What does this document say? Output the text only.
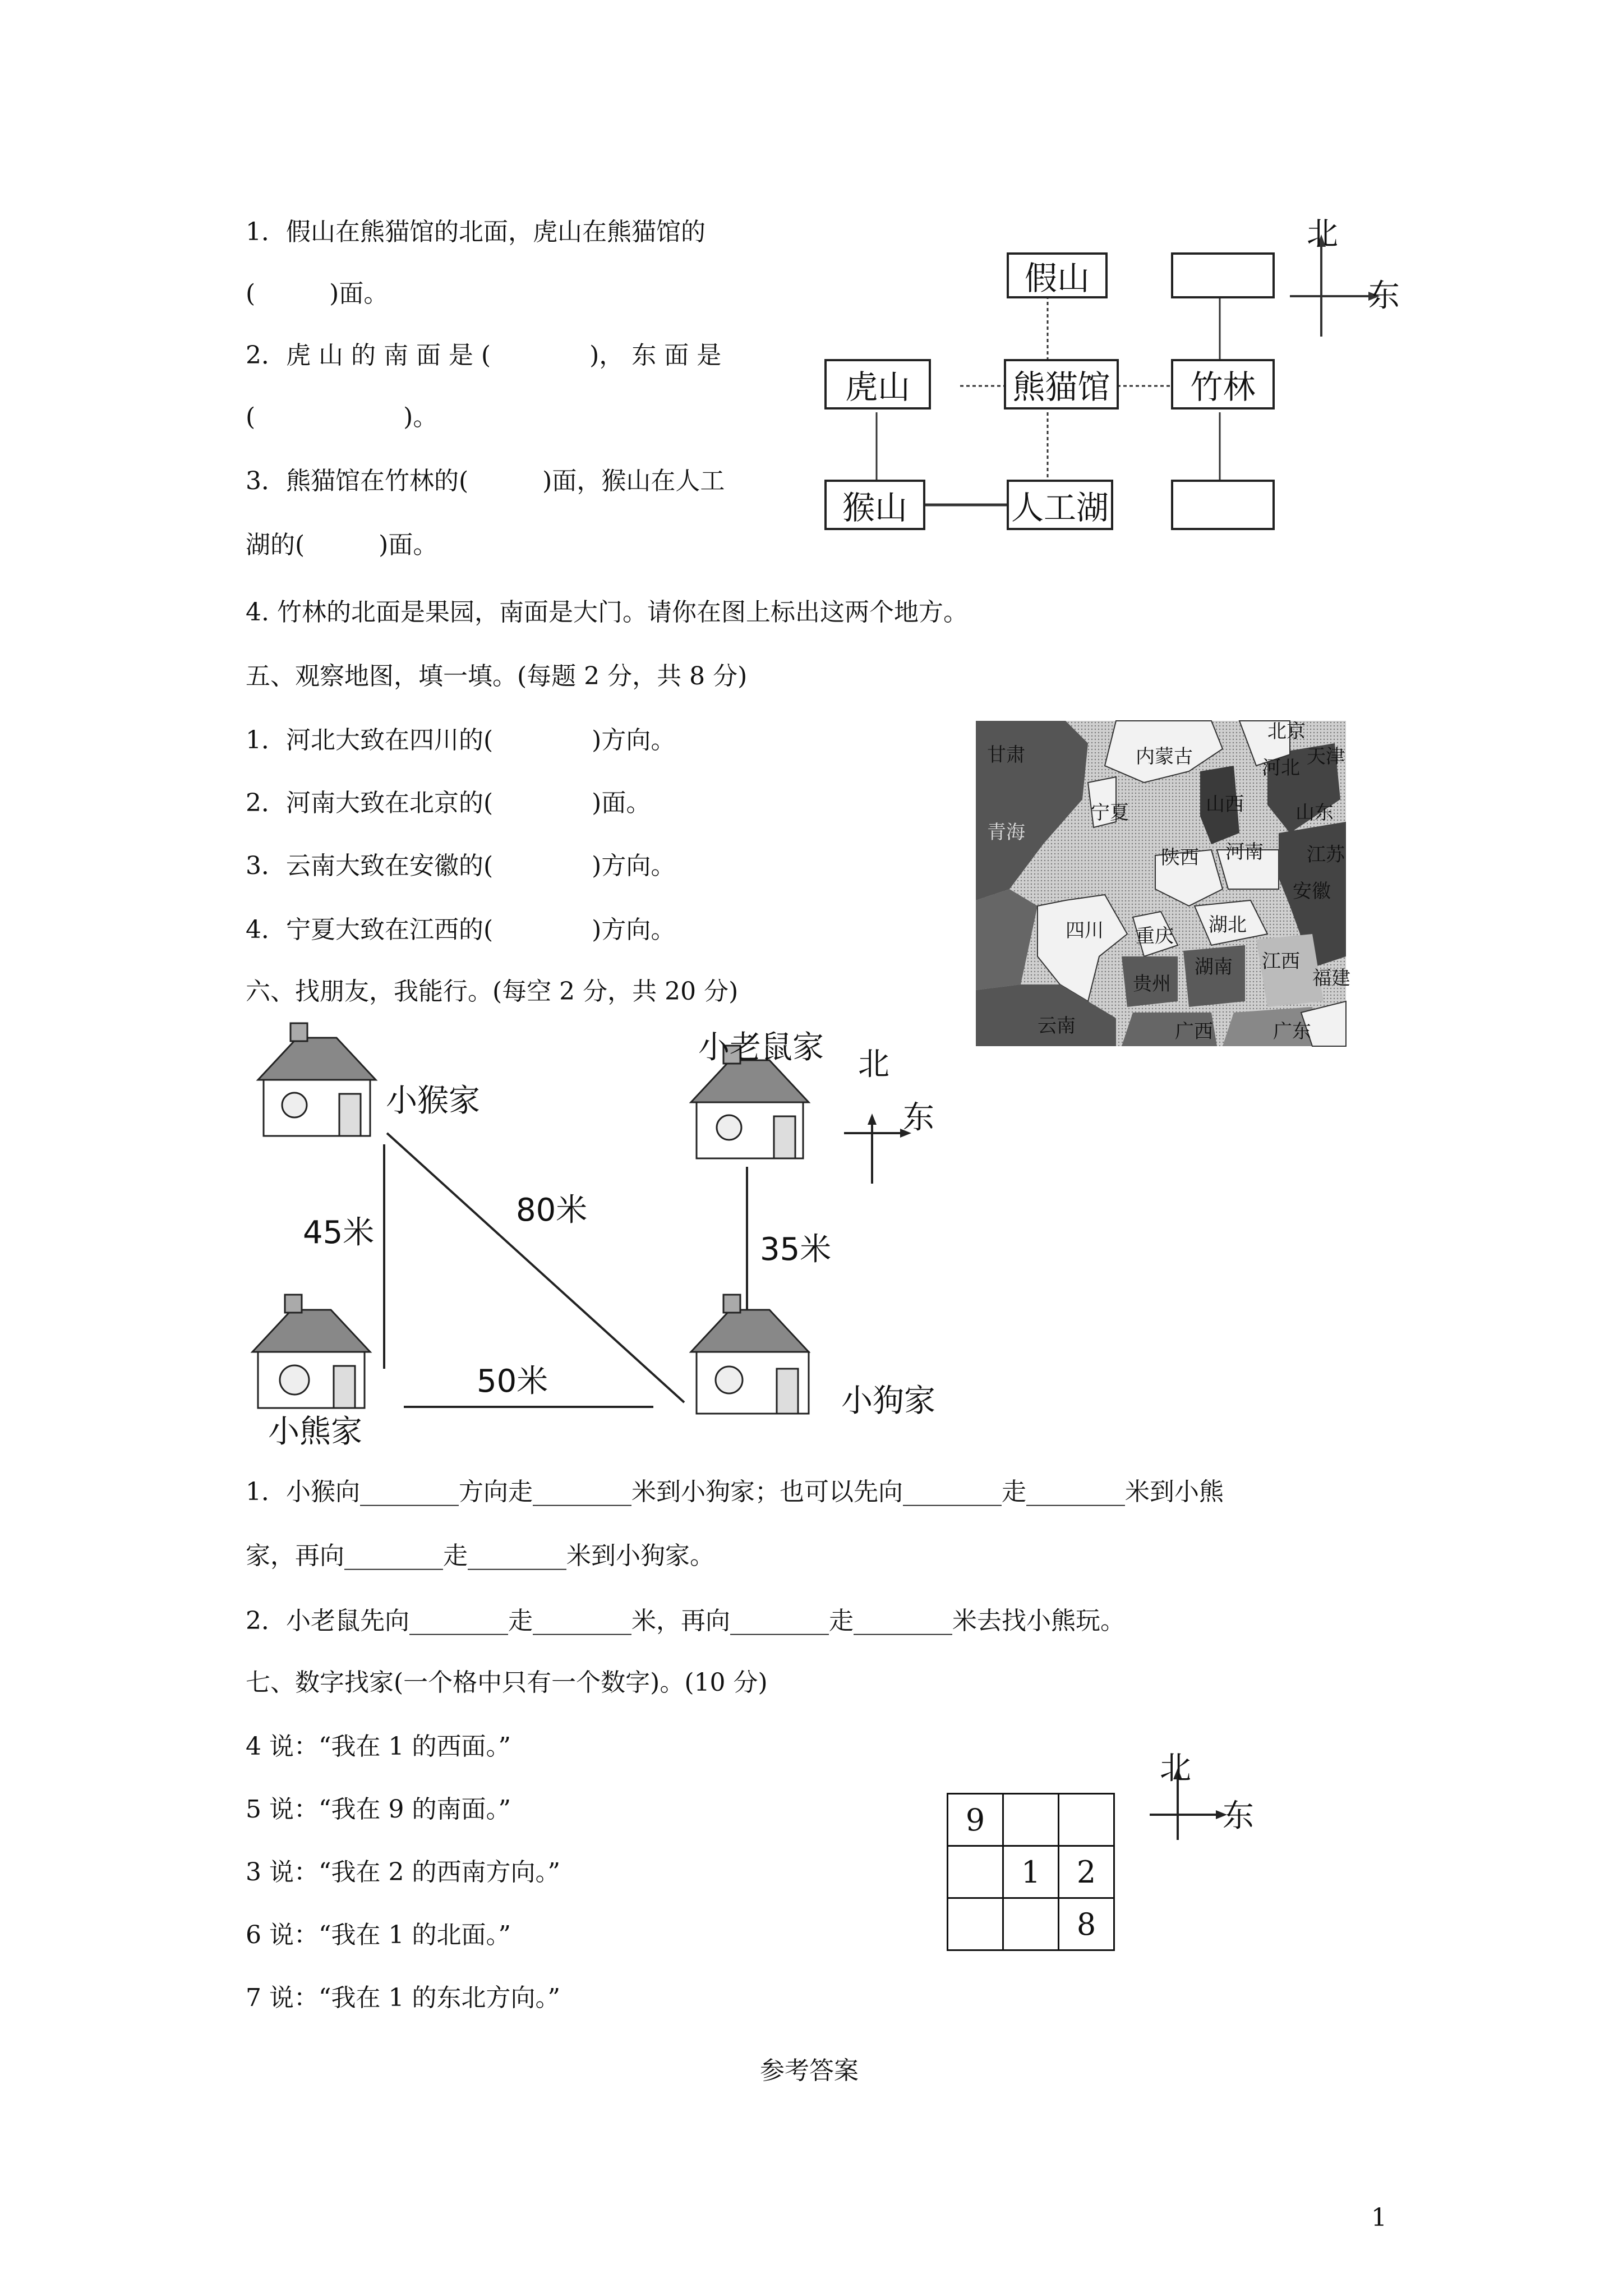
1．假山在熊猫馆的北面，虎山在熊猫馆的
(　　　)面。
2．虎 山 的 南 面 是 (　　　　)， 东 面 是
(　　　　　　)。
3．熊猫馆在竹林的(　　　)面，猴山在人工
湖的(　　　)面。
4. 竹林的北面是果园，南面是大门。请你在图上标出这两个地方。
北
东
假山
虎山	熊猫馆	竹林
猴山	人工湖
五、观察地图，填一填。(每题 2 分，共 8 分)
1．河北大致在四川的(　　　　)方向。
2．河南大致在北京的(　　　　)面。
3．云南大致在安徽的(　　　　)方向。
4．宁夏大致在江西的(　　　　)方向。
甘肃	内蒙古
北京
天津
河北
宁夏	山西	山东
青海
陕西 河南 江苏
安徽
四川 重庆 湖北
贵州
湖南 江西
福建
云南	广西	广东
六、找朋友，我能行。(每空 2 分，共 20 分)
小猴家
小老鼠家
小熊家
小狗家
45米
80米
35米
50米
北
东
1．小猴向________方向走________米到小狗家；也可以先向________走________米到小熊
家，再向________走________米到小狗家。
2．小老鼠先向________走________米，再向________走________米去找小熊玩。
七、数字找家(一个格中只有一个数字)。(10 分)
4 说：“我在 1 的西面。”
5 说：“我在 9 的南面。”
3 说：“我在 2 的西南方向。”
6 说：“我在 1 的北面。”
7 说：“我在 1 的东北方向。”
9		
	1	2
		8
北
东
参考答案
1
